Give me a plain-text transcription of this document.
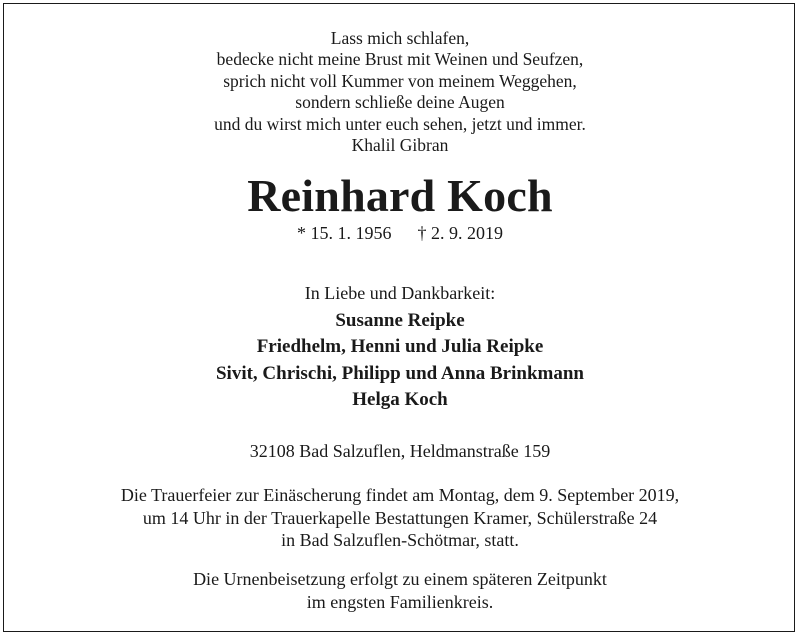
Lass mich schlafen,
bedecke nicht meine Brust mit Weinen und Seufzen,
sprich nicht voll Kummer von meinem Weggehen,
sondern schließe deine Augen
und du wirst mich unter euch sehen, jetzt und immer.
Khalil Gibran
Reinhard Koch
* 15. 1. 1956 † 2. 9. 2019
In Liebe und Dankbarkeit:
Susanne Reipke
Friedhelm, Henni und Julia Reipke
Sivit, Chrischi, Philipp und Anna Brinkmann
Helga Koch
32108 Bad Salzuflen, Heldmanstraße 159
Die Trauerfeier zur Einäscherung findet am Montag, dem 9. September 2019,
um 14 Uhr in der Trauerkapelle Bestattungen Kramer, Schülerstraße 24
in Bad Salzuflen-Schötmar, statt.
Die Urnenbeisetzung erfolgt zu einem späteren Zeitpunkt
im engsten Familienkreis.
